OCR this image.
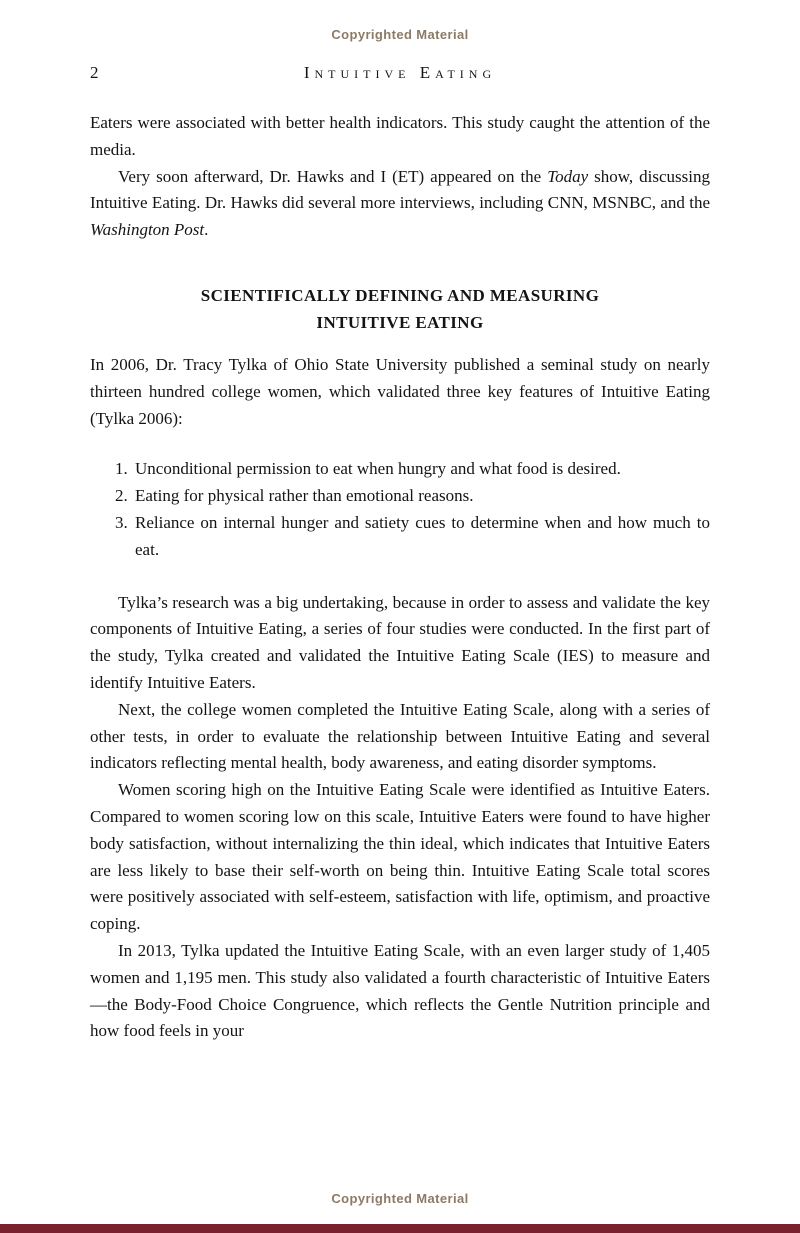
Copyrighted Material
2	Intuitive Eating

Eaters were associated with better health indicators. This study caught the attention of the media.

Very soon afterward, Dr. Hawks and I (ET) appeared on the Today show, discussing Intuitive Eating. Dr. Hawks did several more interviews, including CNN, MSNBC, and the Washington Post.

SCIENTIFICALLY DEFINING AND MEASURING
INTUITIVE EATING

In 2006, Dr. Tracy Tylka of Ohio State University published a seminal study on nearly thirteen hundred college women, which validated three key features of Intuitive Eating (Tylka 2006):

1. Unconditional permission to eat when hungry and what food is desired.
2. Eating for physical rather than emotional reasons.
3. Reliance on internal hunger and satiety cues to determine when and how much to eat.

Tylka’s research was a big undertaking, because in order to assess and validate the key components of Intuitive Eating, a series of four studies were conducted. In the first part of the study, Tylka created and validated the Intuitive Eating Scale (IES) to measure and identify Intuitive Eaters.

Next, the college women completed the Intuitive Eating Scale, along with a series of other tests, in order to evaluate the relationship between Intuitive Eating and several indicators reflecting mental health, body awareness, and eating disorder symptoms.

Women scoring high on the Intuitive Eating Scale were identified as Intuitive Eaters. Compared to women scoring low on this scale, Intuitive Eaters were found to have higher body satisfaction, without internalizing the thin ideal, which indicates that Intuitive Eaters are less likely to base their self-worth on being thin. Intuitive Eating Scale total scores were positively associated with self-esteem, satisfaction with life, optimism, and proactive coping.

In 2013, Tylka updated the Intuitive Eating Scale, with an even larger study of 1,405 women and 1,195 men. This study also validated a fourth characteristic of Intuitive Eaters—the Body-Food Choice Congruence, which reflects the Gentle Nutrition principle and how food feels in your

Copyrighted Material
